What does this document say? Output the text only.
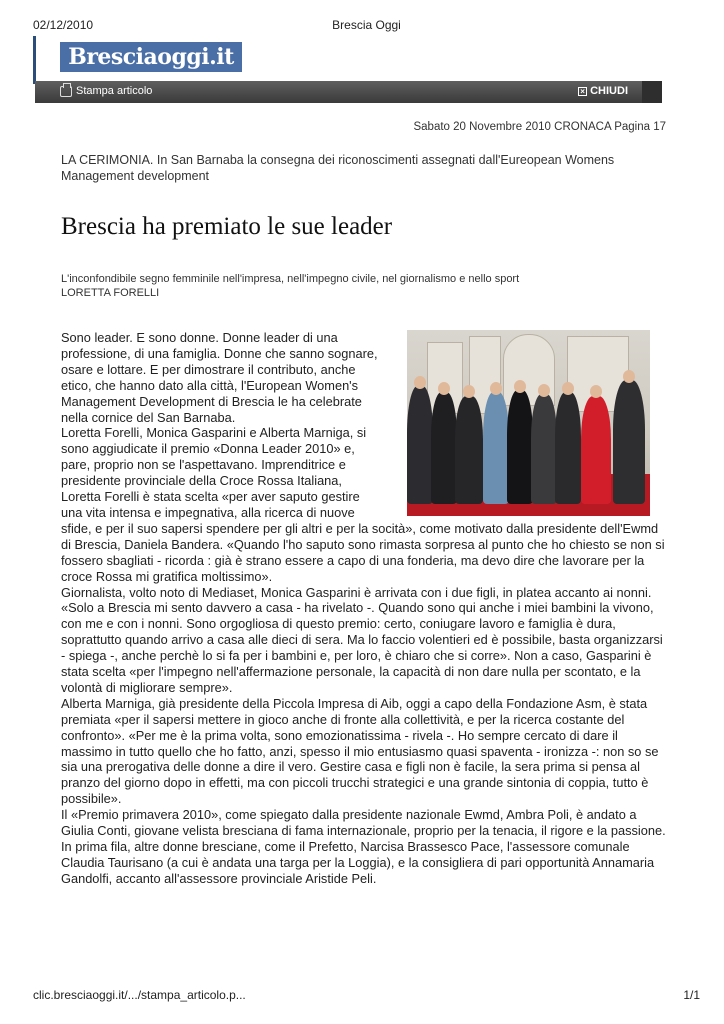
02/12/2010	Brescia Oggi
Bresciaoggi.it
Stampa articolo	× CHIUDI
Sabato 20 Novembre 2010 CRONACA Pagina 17
LA CERIMONIA. In San Barnaba la consegna dei riconoscimenti assegnati dall'Eureopean Womens Management development
Brescia ha premiato le sue leader
L'inconfondibile segno femminile nell'impresa, nell'impegno civile, nel giornalismo e nello sport
LORETTA FORELLI

Sono leader. E sono donne. Donne leader di una professione, di una famiglia. Donne che sanno sognare, osare e lottare. E per dimostrare il contributo, anche etico, che hanno dato alla città, l'European Women's Management Development di Brescia le ha celebrate nella cornice del San Barnaba.

Loretta Forelli, Monica Gasparini e Alberta Marniga, si sono aggiudicate il premio «Donna Leader 2010» e, pare, proprio non se l'aspettavano. Imprenditrice e presidente provinciale della Croce Rossa Italiana, Loretta Forelli è stata scelta «per aver saputo gestire una vita intensa e impegnativa, alla ricerca di nuove sfide, e per il suo sapersi spendere per gli altri e per la socità», come motivato dalla presidente dell'Ewmd di Brescia, Daniela Bandera. «Quando l'ho saputo sono rimasta sorpresa al punto che ho chiesto se non si fossero sbagliati - ricorda : già è strano essere a capo di una fonderia, ma devo dire che lavorare per la croce Rossa mi gratifica moltissimo».

Giornalista, volto noto di Mediaset, Monica Gasparini è arrivata con i due figli, in platea accanto ai nonni. «Solo a Brescia mi sento davvero a casa - ha rivelato -. Quando sono qui anche i miei bambini la vivono, con me e con i nonni. Sono orgogliosa di questo premio: certo, coniugare lavoro e famiglia è dura, soprattutto quando arrivo a casa alle dieci di sera. Ma lo faccio volentieri ed è possibile, basta organizzarsi - spiega -, anche perchè lo si fa per i bambini e, per loro, è chiaro che si corre». Non a caso, Gasparini è stata scelta «per l'impegno nell'affermazione personale, la capacità di non dare nulla per scontato, e la volontà di migliorare sempre».

Alberta Marniga, già presidente della Piccola Impresa di Aib, oggi a capo della Fondazione Asm, è stata premiata «per il sapersi mettere in gioco anche di fronte alla collettività, e per la ricerca costante del confronto». «Per me è la prima volta, sono emozionatissima - rivela -. Ho sempre cercato di dare il massimo in tutto quello che ho fatto, anzi, spesso il mio entusiasmo quasi spaventa - ironizza -: non so se sia una prerogativa delle donne a dire il vero. Gestire casa e figli non è facile, la sera prima si pensa al pranzo del giorno dopo in effetti, ma con piccoli trucchi strategici e una grande sintonia di coppia, tutto è possibile».

Il «Premio primavera 2010», come spiegato dalla presidente nazionale Ewmd, Ambra Poli, è andato a Giulia Conti, giovane velista bresciana di fama internazionale, proprio per la tenacia, il rigore e la passione. In prima fila, altre donne bresciane, come il Prefetto, Narcisa Brassesco Pace, l'assessore comunale Claudia Taurisano (a cui è andata una targa per la Loggia), e la consigliera di pari opportunità Annamaria Gandolfi, accanto all'assessore provinciale Aristide Peli.

clic.bresciaoggi.it/.../stampa_articolo.p...	1/1
